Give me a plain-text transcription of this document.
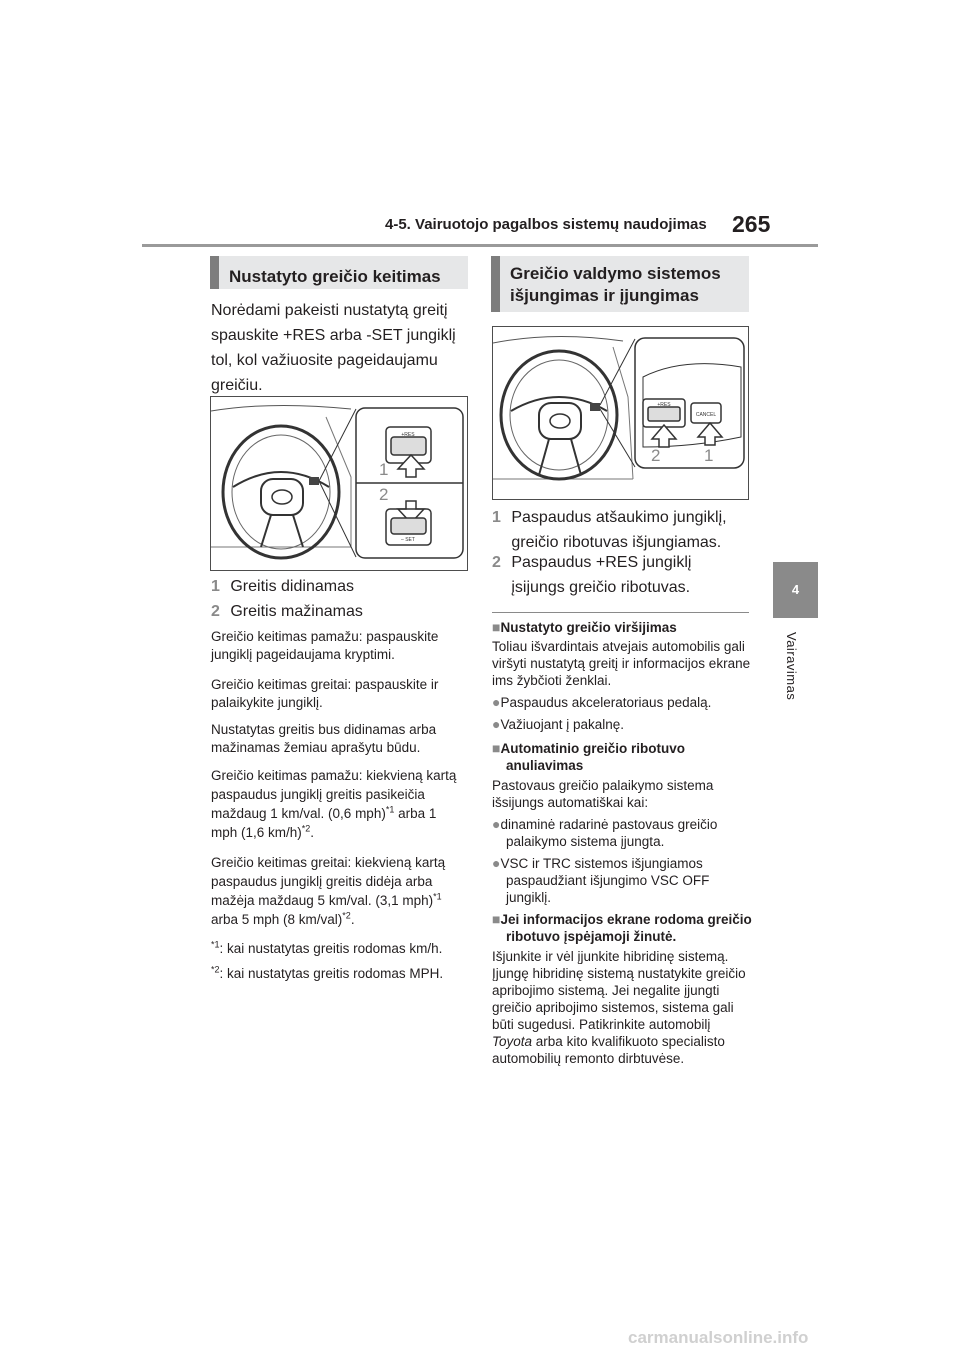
4-5. Vairuotojo pagalbos sistemų naudojimas 265
4
Vairavimas
Nustatyto greičio keitimas
Norėdami pakeisti nustatytą greitį spauskite +RES arba -SET jungiklį tol, kol važiuosite pageidaujamu greičiu.
+RES
1
2
– SET
1 Greitis didinamas
2 Greitis mažinamas
Greičio keitimas pamažu: paspauskite jungiklį pageidaujama kryptimi.
Greičio keitimas greitai: paspauskite ir palaikykite jungiklį.
Nustatytas greitis bus didinamas arba mažinamas žemiau aprašytu būdu.
Greičio keitimas pamažu: kiekvieną kartą paspaudus jungiklį greitis pasikeičia maždaug 1 km/val. (0,6 mph)$^{*1}$ arba 1 mph (1,6 km/h)$^{*2}$.
Greičio keitimas greitai: kiekvieną kartą paspaudus jungiklį greitis didėja arba mažėja maždaug 5 km/val. (3,1 mph)$^{*1}$ arba 5 mph (8 km/val)$^{*2}$.
$^{*1}$: kai nustatytas greitis rodomas km/h.
$^{*2}$: kai nustatytas greitis rodomas MPH.
Greičio valdymo sistemos išjungimas ir įjungimas
+RES
CANCEL
2	1
1 Paspaudus atšaukimo jungiklį, greičio ribotuvas išjungiamas.
2 Paspaudus +RES jungiklį įsijungs greičio ribotuvas.
■Nustatyto greičio viršijimas
Toliau išvardintais atvejais automobilis gali viršyti nustatytą greitį ir informacijos ekrane ims žybčioti ženklai.
●Paspaudus akceleratoriaus pedalą.
●Važiuojant į pakalnę.
■Automatinio greičio ribotuvo anuliavimas
Pastovaus greičio palaikymo sistema išsijungs automatiškai kai:
●dinaminė radarinė pastovaus greičio palaikymo sistema įjungta.
●VSC ir TRC sistemos išjungiamos paspaudžiant išjungimo VSC OFF jungiklį.
■Jei informacijos ekrane rodoma greičio ribotuvo įspėjamoji žinutė.
Išjunkite ir vėl įjunkite hibridinę sistemą. Įjungę hibridinę sistemą nustatykite greičio apribojimo sistemą. Jei negalite įjungti greičio apribojimo sistemos, sistema gali būti sugedusi. Patikrinkite automobilį Toyota arba kito kvalifikuoto specialisto automobilių remonto dirbtuvėse.
carmanualsonline.info
